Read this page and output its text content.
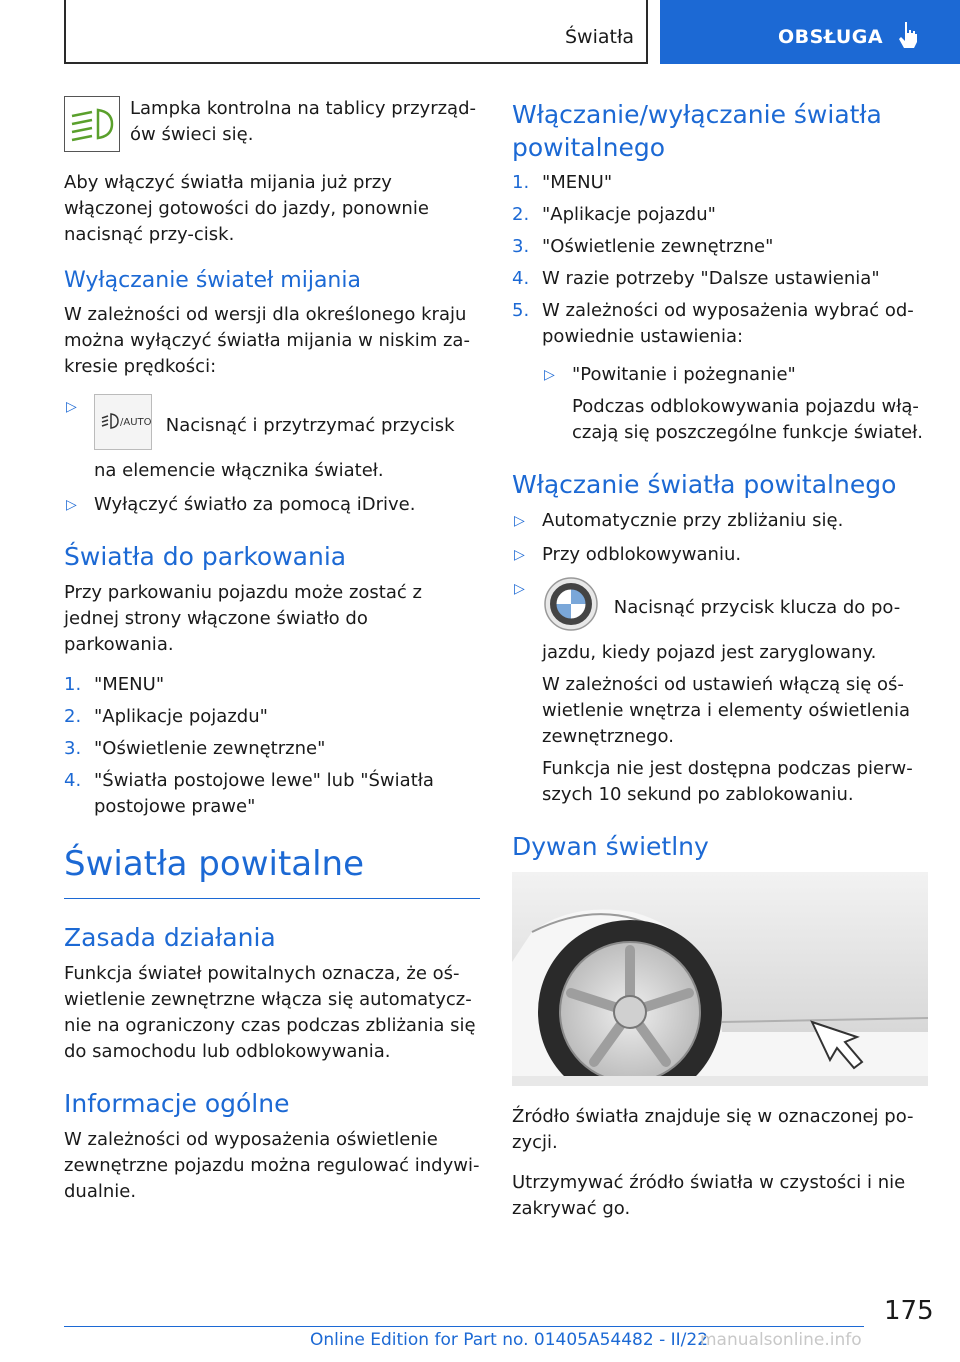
Światła	OBSŁUGA
Lampka kontrolna na tablicy przyrząd-ów świeci się.

Aby włączyć światła mijania już przy włączonej gotowości do jazdy, ponownie nacisnąć przy-cisk.

Wyłączanie świateł mijania

W zależności od wersji dla określonego kraju można wyłączyć światła mijania w niskim za-kresie prędkości:

▷
/AUTO Nacisnąć i przytrzymać przycisk na elemencie włącznika świateł.
▷ Wyłączyć światło za pomocą iDrive.
Światła do parkowania

Przy parkowaniu pojazdu może zostać z jednej strony włączone światło do parkowania.

1. "MENU"
2. "Aplikacje pojazdu"
3. "Oświetlenie zewnętrzne"
4. "Światła postojowe lewe" lub "Światła postojowe prawe"
Światła powitalne
Zasada działania

Funkcja świateł powitalnych oznacza, że oś-wietlenie zewnętrzne włącza się automatycz-nie na ograniczony czas podczas zbliżania się do samochodu lub odblokowywania.

Informacje ogólne

W zależności od wyposażenia oświetlenie zewnętrzne pojazdu można regulować indywi-dualnie.

Włączanie/wyłączanie światła powitalnego
1. "MENU"
2. "Aplikacje pojazdu"
3. "Oświetlenie zewnętrzne"
4. W razie potrzeby "Dalsze ustawienia"
5. W zależności od wyposażenia wybrać od-powiednie ustawienia:
▷ "Powitanie i pożegnanie"
Podczas odblokowywania pojazdu włą-czają się poszczególne funkcje świateł.
Włączanie światła powitalnego
▷ Automatycznie przy zbliżaniu się.
▷ Przy odblokowywaniu.
▷
Nacisnąć przycisk klucza do po-jazdu, kiedy pojazd jest zaryglowany.
W zależności od ustawień włączą się oś-wietlenie wnętrza i elementy oświetlenia zewnętrznego.
Funkcja nie jest dostępna podczas pierw-szych 10 sekund po zablokowaniu.
Dywan świetlny

Źródło światła znajduje się w oznaczonej po-zycji.

Utrzymywać źródło światła w czystości i nie zakrywać go.

175
Online Edition for Part no. 01405A54482 - II/22
manualsonline.info
